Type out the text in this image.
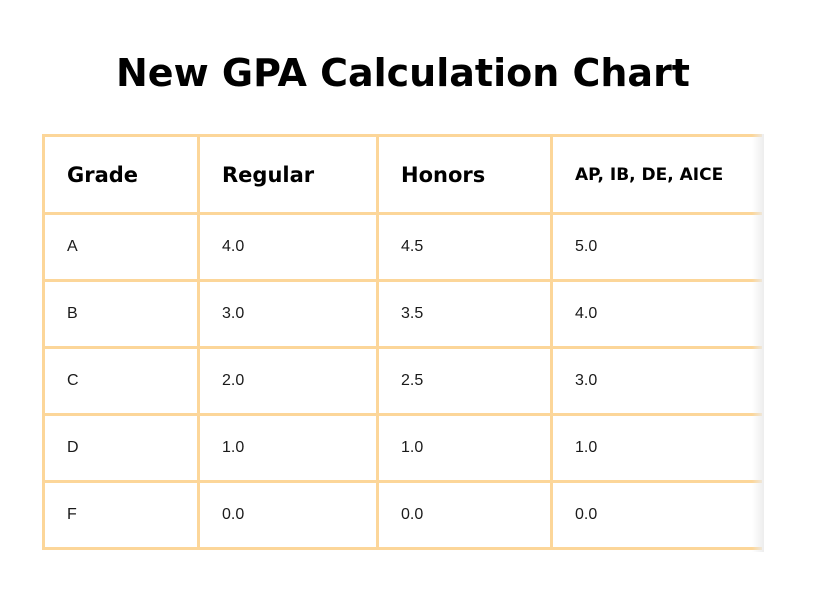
New GPA Calculation Chart
Grade	Regular	Honors	AP, IB, DE, AICE
A	4.0	4.5	5.0
B	3.0	3.5	4.0
C	2.0	2.5	3.0
D	1.0	1.0	1.0
F	0.0	0.0	0.0
